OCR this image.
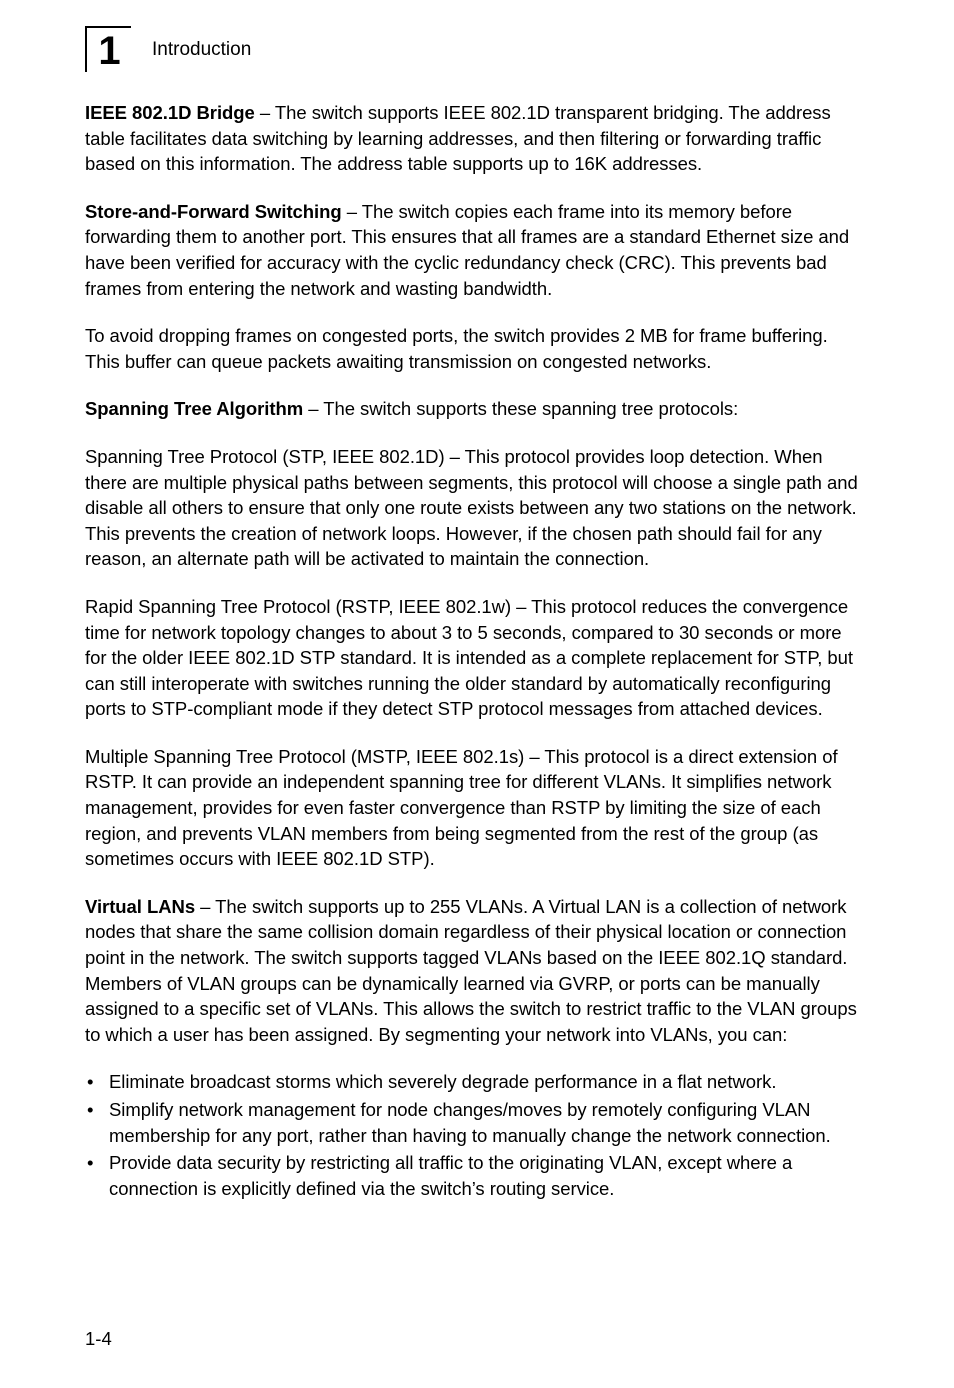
1 Introduction

IEEE 802.1D Bridge – The switch supports IEEE 802.1D transparent bridging. The address table facilitates data switching by learning addresses, and then filtering or forwarding traffic based on this information. The address table supports up to 16K addresses.

Store-and-Forward Switching – The switch copies each frame into its memory before forwarding them to another port. This ensures that all frames are a standard Ethernet size and have been verified for accuracy with the cyclic redundancy check (CRC). This prevents bad frames from entering the network and wasting bandwidth.

To avoid dropping frames on congested ports, the switch provides 2 MB for frame buffering. This buffer can queue packets awaiting transmission on congested networks.

Spanning Tree Algorithm – The switch supports these spanning tree protocols:

Spanning Tree Protocol (STP, IEEE 802.1D) – This protocol provides loop detection. When there are multiple physical paths between segments, this protocol will choose a single path and disable all others to ensure that only one route exists between any two stations on the network. This prevents the creation of network loops. However, if the chosen path should fail for any reason, an alternate path will be activated to maintain the connection.

Rapid Spanning Tree Protocol (RSTP, IEEE 802.1w) – This protocol reduces the convergence time for network topology changes to about 3 to 5 seconds, compared to 30 seconds or more for the older IEEE 802.1D STP standard. It is intended as a complete replacement for STP, but can still interoperate with switches running the older standard by automatically reconfiguring ports to STP-compliant mode if they detect STP protocol messages from attached devices.

Multiple Spanning Tree Protocol (MSTP, IEEE 802.1s) – This protocol is a direct extension of RSTP. It can provide an independent spanning tree for different VLANs. It simplifies network management, provides for even faster convergence than RSTP by limiting the size of each region, and prevents VLAN members from being segmented from the rest of the group (as sometimes occurs with IEEE 802.1D STP).

Virtual LANs – The switch supports up to 255 VLANs. A Virtual LAN is a collection of network nodes that share the same collision domain regardless of their physical location or connection point in the network. The switch supports tagged VLANs based on the IEEE 802.1Q standard. Members of VLAN groups can be dynamically learned via GVRP, or ports can be manually assigned to a specific set of VLANs. This allows the switch to restrict traffic to the VLAN groups to which a user has been assigned. By segmenting your network into VLANs, you can:

• Eliminate broadcast storms which severely degrade performance in a flat network.
• Simplify network management for node changes/moves by remotely configuring VLAN membership for any port, rather than having to manually change the network connection.
• Provide data security by restricting all traffic to the originating VLAN, except where a connection is explicitly defined via the switch’s routing service.
1-4
